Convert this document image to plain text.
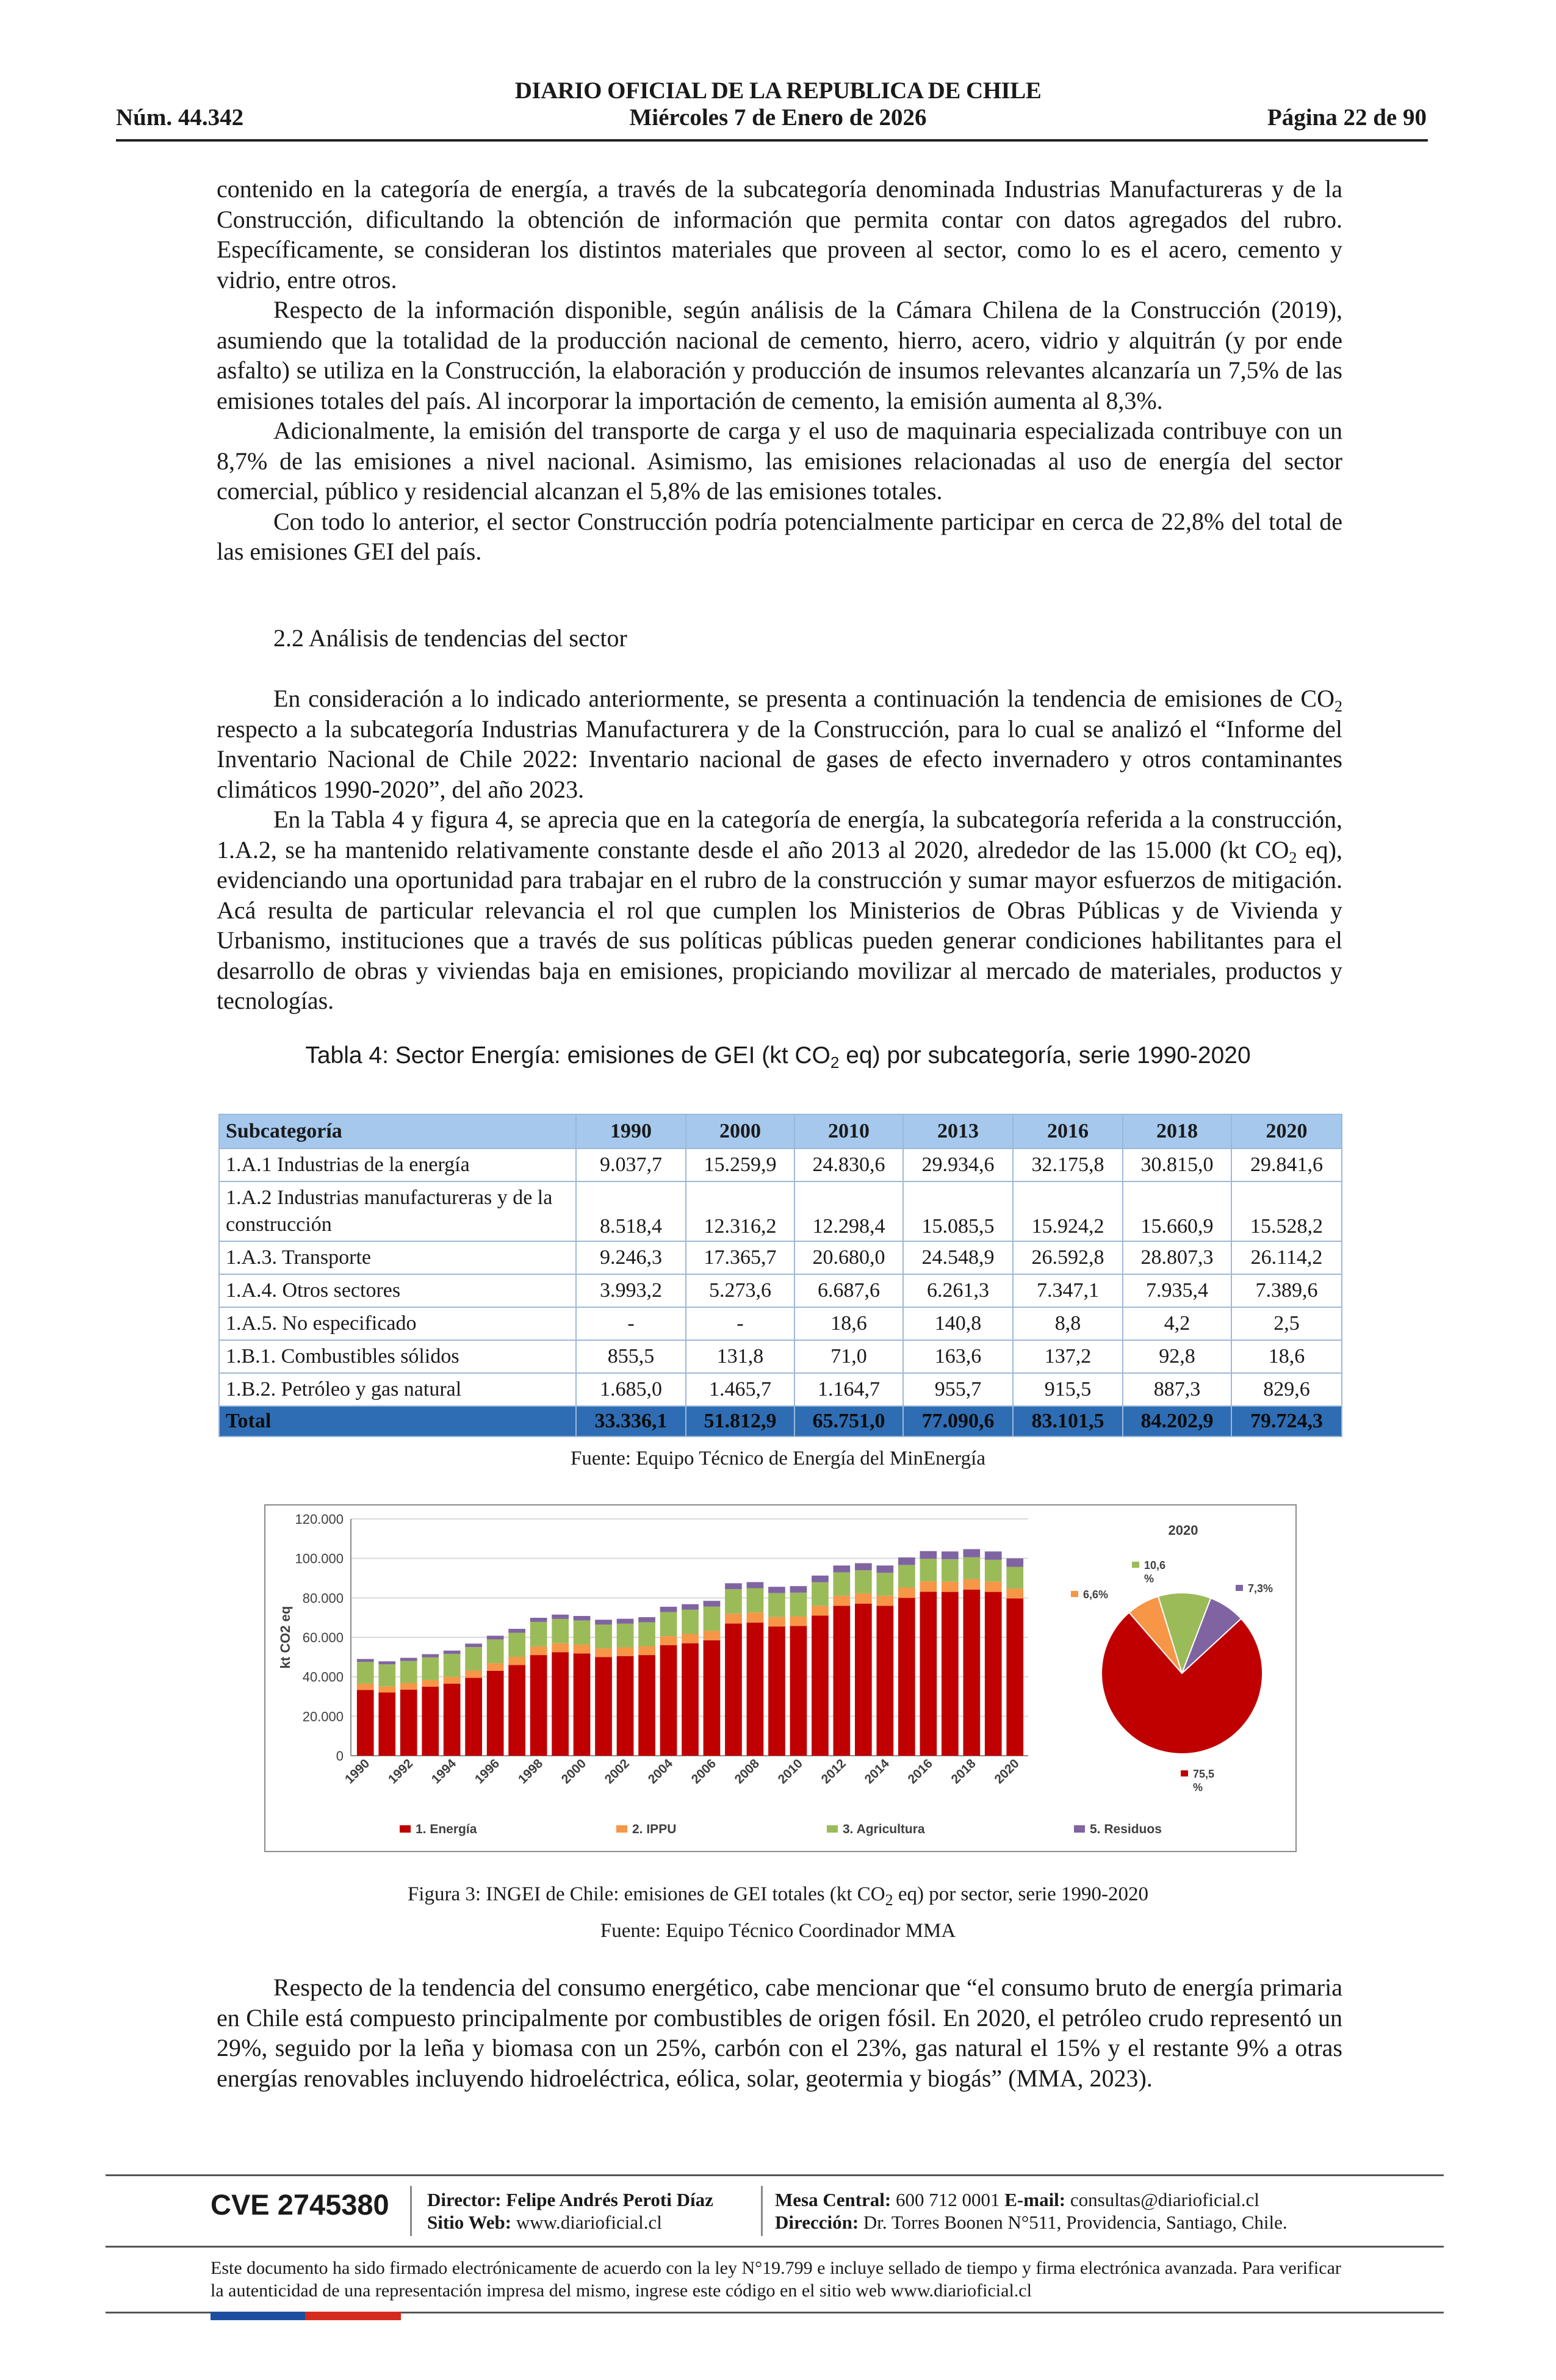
DIARIO OFICIAL DE LA REPUBLICA DE CHILE
Núm. 44.342	Miércoles 7 de Enero de 2026	Página 22 de 90

contenido en la categoría de energía, a través de la subcategoría denominada Industrias Manufactureras y de la Construcción, dificultando la obtención de información que permita contar con datos agregados del rubro. Específicamente, se consideran los distintos materiales que proveen al sector, como lo es el acero, cemento y vidrio, entre otros.

Respecto de la información disponible, según análisis de la Cámara Chilena de la Construcción (2019), asumiendo que la totalidad de la producción nacional de cemento, hierro, acero, vidrio y alquitrán (y por ende asfalto) se utiliza en la Construcción, la elaboración y producción de insumos relevantes alcanzaría un 7,5% de las emisiones totales del país. Al incorporar la importación de cemento, la emisión aumenta al 8,3%.

Adicionalmente, la emisión del transporte de carga y el uso de maquinaria especializada contribuye con un 8,7% de las emisiones a nivel nacional. Asimismo, las emisiones relacionadas al uso de energía del sector comercial, público y residencial alcanzan el 5,8% de las emisiones totales.

Con todo lo anterior, el sector Construcción podría potencialmente participar en cerca de 22,8% del total de las emisiones GEI del país.

2.2 Análisis de tendencias del sector

En consideración a lo indicado anteriormente, se presenta a continuación la tendencia de emisiones de $CO_2$ respecto a la subcategoría Industrias Manufacturera y de la Construcción, para lo cual se analizó el “Informe del Inventario Nacional de Chile 2022: Inventario nacional de gases de efecto invernadero y otros contaminantes climáticos 1990-2020”, del año 2023.

En la Tabla 4 y figura 4, se aprecia que en la categoría de energía, la subcategoría referida a la construcción, 1.A.2, se ha mantenido relativamente constante desde el año 2013 al 2020, alrededor de las 15.000 (kt $CO_2$ eq), evidenciando una oportunidad para trabajar en el rubro de la construcción y sumar mayor esfuerzos de mitigación. Acá resulta de particular relevancia el rol que cumplen los Ministerios de Obras Públicas y de Vivienda y Urbanismo, instituciones que a través de sus políticas públicas pueden generar condiciones habilitantes para el desarrollo de obras y viviendas baja en emisiones, propiciando movilizar al mercado de materiales, productos y tecnologías.

Tabla 4: Sector Energía: emisiones de GEI (kt $CO_2$ eq) por subcategoría, serie 1990-2020
Subcategoría	1990	2000	2010	2013	2016	2018	2020
1.A.1 Industrias de la energía	9.037,7	15.259,9	24.830,6	29.934,6	32.175,8	30.815,0	29.841,6
1.A.2 Industrias manufactureras y de la construcción	8.518,4	12.316,2	12.298,4	15.085,5	15.924,2	15.660,9	15.528,2
1.A.3. Transporte	9.246,3	17.365,7	20.680,0	24.548,9	26.592,8	28.807,3	26.114,2
1.A.4. Otros sectores	3.993,2	5.273,6	6.687,6	6.261,3	7.347,1	7.935,4	7.389,6
1.A.5. No especificado	-	-	18,6	140,8	8,8	4,2	2,5
1.B.1. Combustibles sólidos	855,5	131,8	71,0	163,6	137,2	92,8	18,6
1.B.2. Petróleo y gas natural	1.685,0	1.465,7	1.164,7	955,7	915,5	887,3	829,6
Total	33.336,1	51.812,9	65.751,0	77.090,6	83.101,5	84.202,9	79.724,3
Fuente: Equipo Técnico de Energía del MinEnergía
0
20.000
40.000
60.000
80.000
100.000
120.000
kt CO2 eq
1990 1992 1994 1996 1998 2000 2002 2004 2006 2008 2010 2012 2014 2016 2018 2020
1. Energía	2. IPPU	3. Agricultura	5. Residuos
2020
10,6
%
7,3%
6,6%
75,5
%
Figura 3: INGEI de Chile: emisiones de GEI totales (kt $CO_2$ eq) por sector, serie 1990-2020
Fuente: Equipo Técnico Coordinador MMA

Respecto de la tendencia del consumo energético, cabe mencionar que “el consumo bruto de energía primaria en Chile está compuesto principalmente por combustibles de origen fósil. En 2020, el petróleo crudo representó un 29%, seguido por la leña y biomasa con un 25%, carbón con el 23%, gas natural el 15% y el restante 9% a otras energías renovables incluyendo hidroeléctrica, eólica, solar, geotermia y biogás” (MMA, 2023).

CVE 2745380 Director: Felipe Andrés Peroti Díaz
Sitio Web: www.diarioficial.cl
Mesa Central: 600 712 0001 E-mail: consultas@diarioficial.cl
Dirección: Dr. Torres Boonen N°511, Providencia, Santiago, Chile.
Este documento ha sido firmado electrónicamente de acuerdo con la ley N°19.799 e incluye sellado de tiempo y firma electrónica avanzada. Para verificar la autenticidad de una representación impresa del mismo, ingrese este código en el sitio web www.diarioficial.cl
